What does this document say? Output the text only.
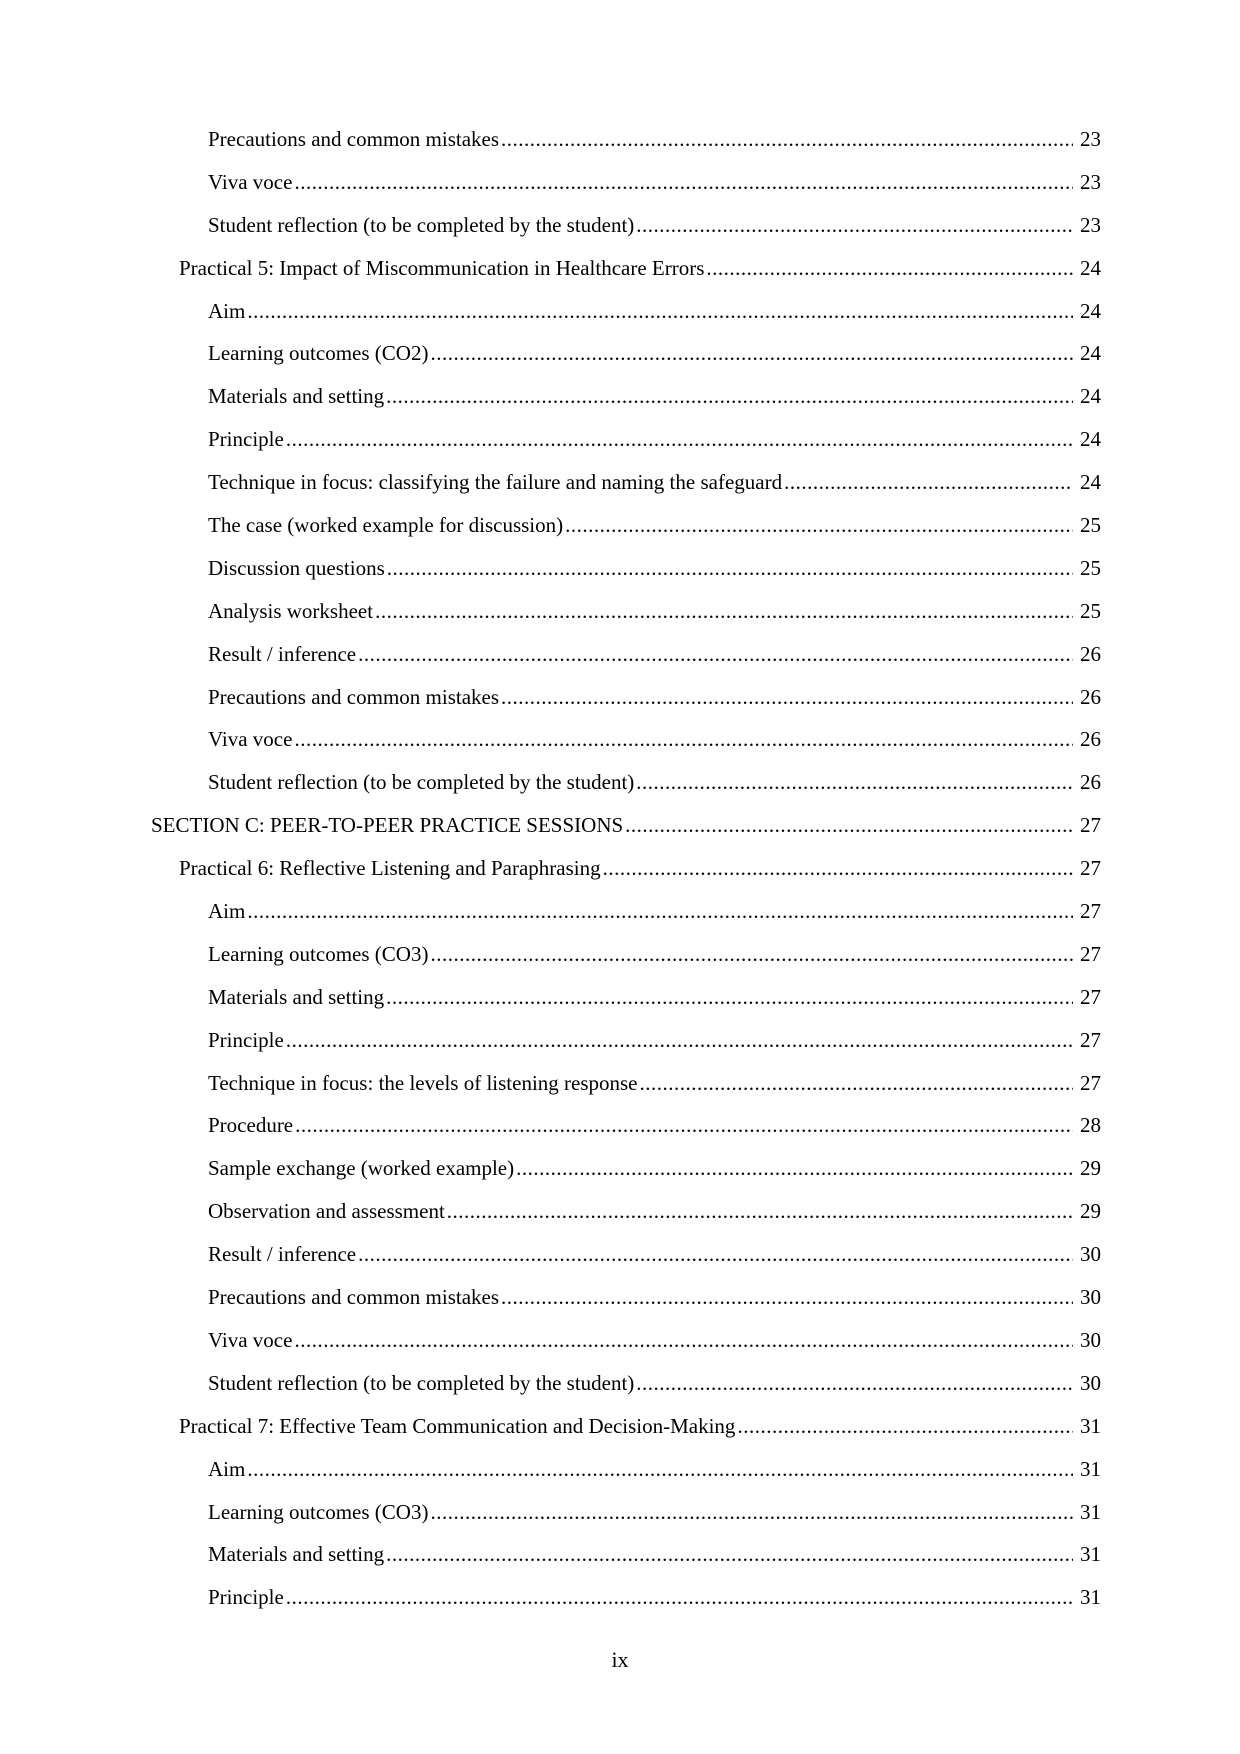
Precautions and common mistakes .....	23
Viva voce .....	23
Student reflection (to be completed by the student) .....	23
Practical 5: Impact of Miscommunication in Healthcare Errors .....	24
Aim .....	24
Learning outcomes (CO2) .....	24
Materials and setting .....	24
Principle .....	24
Technique in focus: classifying the failure and naming the safeguard .....	24
The case (worked example for discussion) .....	25
Discussion questions .....	25
Analysis worksheet .....	25
Result / inference .....	26
Precautions and common mistakes .....	26
Viva voce .....	26
Student reflection (to be completed by the student) .....	26
SECTION C: PEER-TO-PEER PRACTICE SESSIONS .....	27
Practical 6: Reflective Listening and Paraphrasing .....	27
Aim .....	27
Learning outcomes (CO3) .....	27
Materials and setting .....	27
Principle .....	27
Technique in focus: the levels of listening response .....	27
Procedure .....	28
Sample exchange (worked example) .....	29
Observation and assessment .....	29
Result / inference .....	30
Precautions and common mistakes .....	30
Viva voce .....	30
Student reflection (to be completed by the student) .....	30
Practical 7: Effective Team Communication and Decision-Making .....	31
Aim .....	31
Learning outcomes (CO3) .....	31
Materials and setting .....	31
Principle .....	31
ix
